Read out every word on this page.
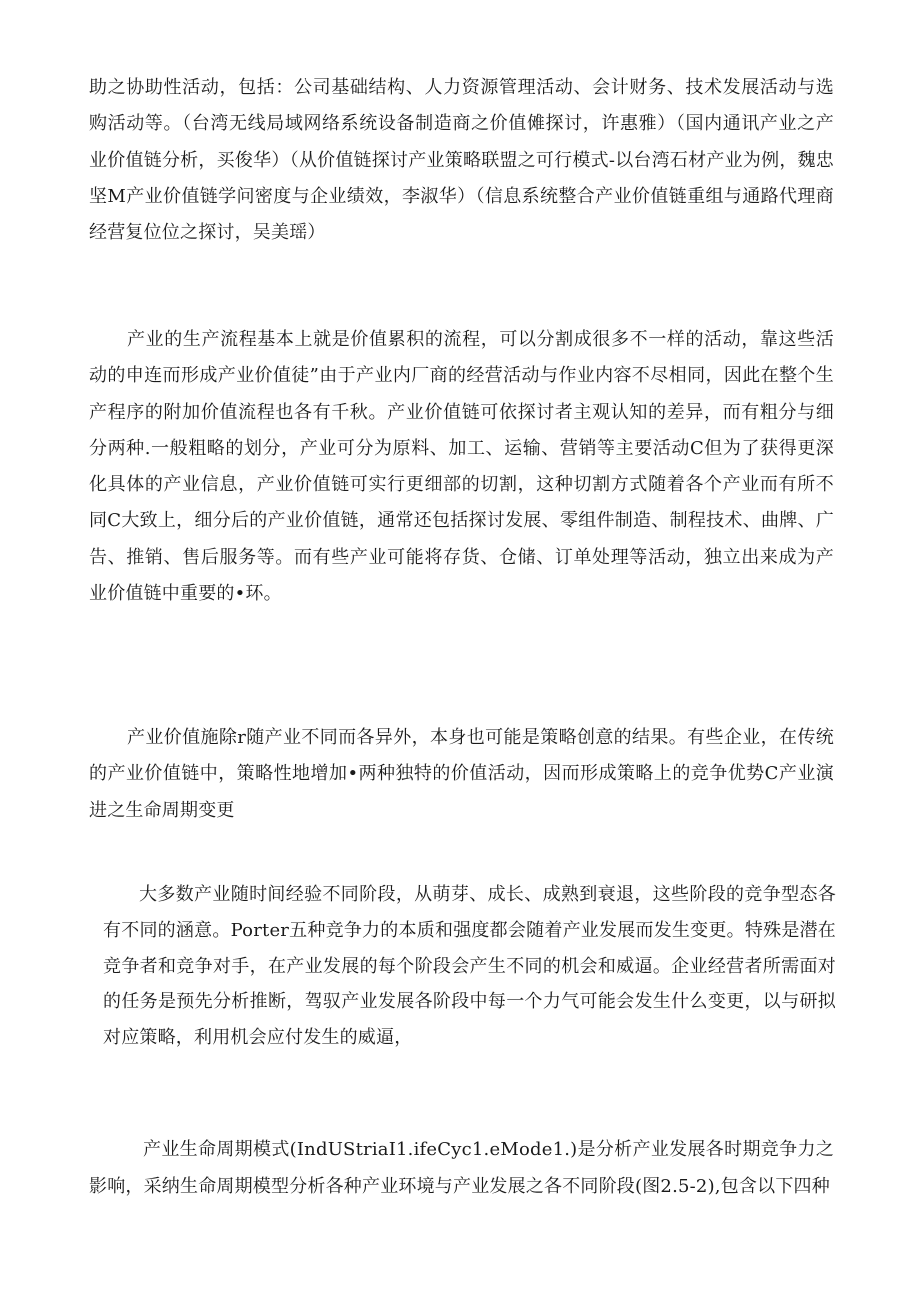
助之协助性活动，包括：公司基础结构、人力资源管理活动、会计财务、技术发展活动与选购活动等。（台湾无线局域网络系统设备制造商之价值傩探讨，许惠雅）（国内通讯产业之产业价值链分析，买俊华）（从价值链探讨产业策略联盟之可行模式-以台湾石材产业为例，魏忠坚M产业价值链学问密度与企业绩效，李淑华）（信息系统整合产业价值链重组与通路代理商经营复位位之探讨，吴美瑶）

产业的生产流程基本上就是价值累积的流程，可以分割成很多不一样的活动，靠这些活动的申连而形成产业价值徒”由于产业内厂商的经营活动与作业内容不尽相同，因此在整个生产程序的附加价值流程也各有千秋。产业价值链可依探讨者主观认知的差异，而有粗分与细分两种.一般粗略的划分，产业可分为原料、加工、运输、营销等主要活动C但为了获得更深化具体的产业信息，产业价值链可实行更细部的切割，这种切割方式随着各个产业而有所不同C大致上，细分后的产业价值链，通常还包括探讨发展、零组件制造、制程技术、曲牌、广告、推销、售后服务等。而有些产业可能将存货、仓储、订单处理等活动，独立出来成为产业价值链中重要的•环。

产业价值施除r随产业不同而各异外，本身也可能是策略创意的结果。有些企业，在传统的产业价值链中，策略性地增加•两种独特的价值活动，因而形成策略上的竞争优势C产业演进之生命周期变更

大多数产业随时间经验不同阶段，从萌芽、成长、成熟到衰退，这些阶段的竞争型态各有不同的涵意。Porter五种竞争力的本质和强度都会随着产业发展而发生变更。特殊是潜在竞争者和竞争对手，在产业发展的每个阶段会产生不同的机会和威逼。企业经营者所需面对的任务是预先分析推断，驾驭产业发展各阶段中每一个力气可能会发生什么变更，以与研拟对应策略，利用机会应付发生的威逼，

产业生命周期模式(IndUStriaI1.ifeCyc1.eMode1.)是分析产业发展各时期竞争力之影响，采纳生命周期模型分析各种产业环境与产业发展之各不同阶段(图2.5-2),包含以下四种
